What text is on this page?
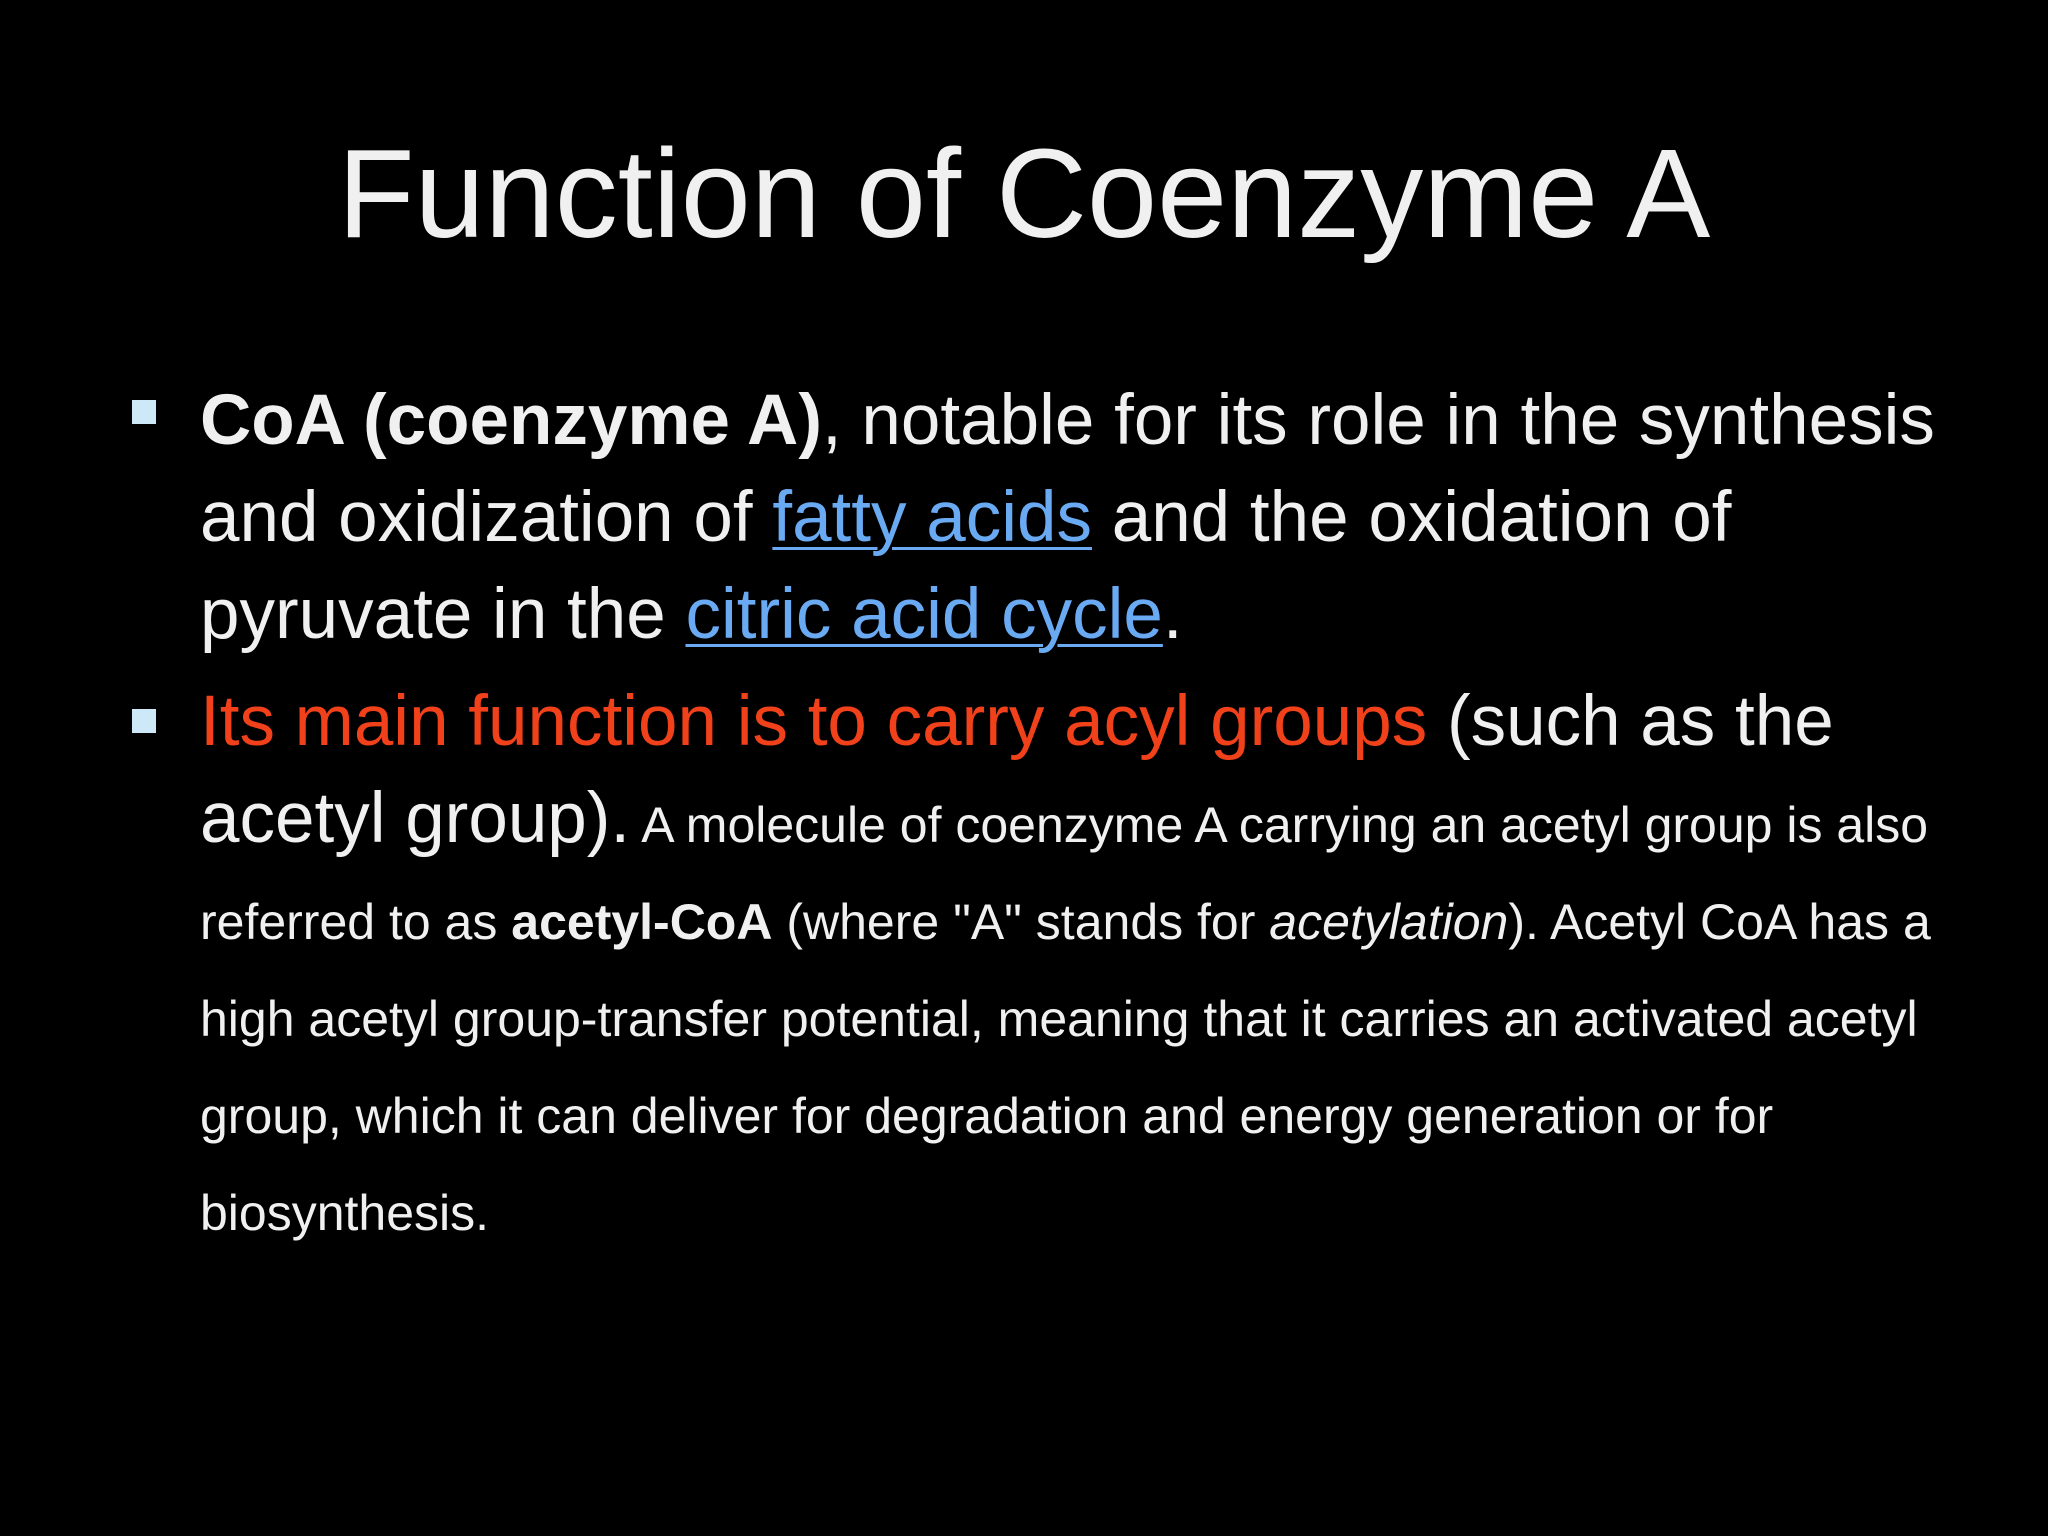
Function of Coenzyme A
CoA (coenzyme A), notable for its role in the synthesis and oxidization of fatty acids and the oxidation of pyruvate in the citric acid cycle.
Its main function is to carry acyl groups (such as the acetyl group). A molecule of coenzyme A carrying an acetyl group is also referred to as acetyl-CoA (where "A" stands for acetylation). Acetyl CoA has a high acetyl group-transfer potential, meaning that it carries an activated acetyl group, which it can deliver for degradation and energy generation or for biosynthesis.
